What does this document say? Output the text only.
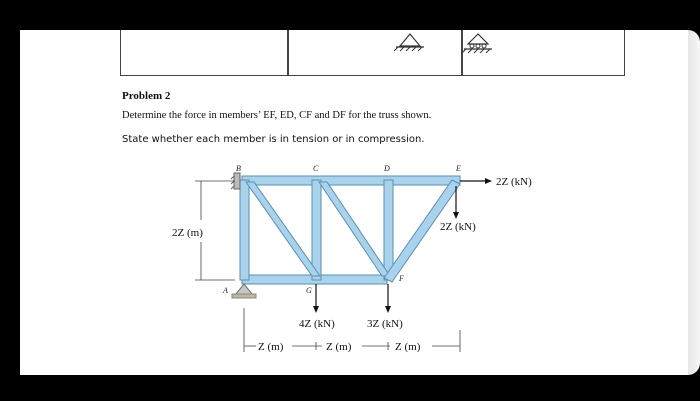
Problem 2
Determine the force in members’ EF, ED, CF and DF for the truss shown.
State whether each member is in tension or in compression.
B	C	D	E
A	G
F
2Z (m)
2Z (kN)
2Z (kN)
4Z (kN)	3Z (kN)
Z (m)	Z (m)	Z (m)
